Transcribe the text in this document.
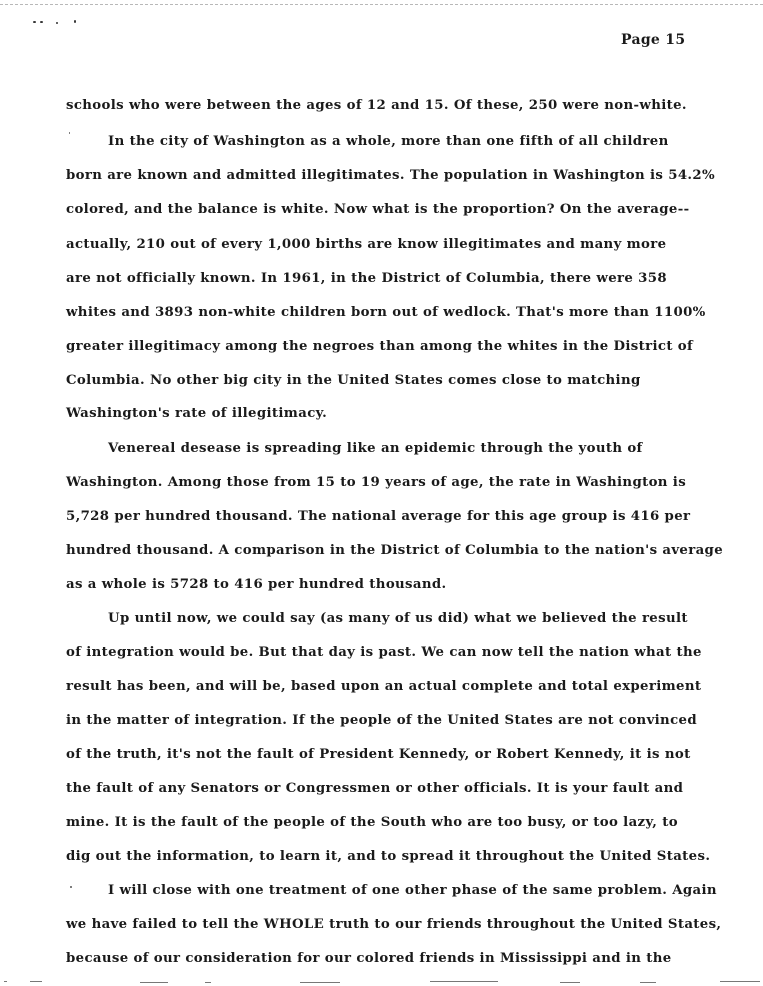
Page 15
schools who were between the ages of 12 and 15. Of these, 250 were non-white.
In the city of Washington as a whole, more than one fifth of all children
born are known and admitted illegitimates. The population in Washington is 54.2%
colored, and the balance is white. Now what is the proportion? On the average--
actually, 210 out of every 1,000 births are know illegitimates and many more
are not officially known. In 1961, in the District of Columbia, there were 358
whites and 3893 non-white children born out of wedlock. That's more than 1100%
greater illegitimacy among the negroes than among the whites in the District of
Columbia. No other big city in the United States comes close to matching
Washington's rate of illegitimacy.
Venereal desease is spreading like an epidemic through the youth of
Washington. Among those from 15 to 19 years of age, the rate in Washington is
5,728 per hundred thousand. The national average for this age group is 416 per
hundred thousand. A comparison in the District of Columbia to the nation's average
as a whole is 5728 to 416 per hundred thousand.
Up until now, we could say (as many of us did) what we believed the result
of integration would be. But that day is past. We can now tell the nation what the
result has been, and will be, based upon an actual complete and total experiment
in the matter of integration. If the people of the United States are not convinced
of the truth, it's not the fault of President Kennedy, or Robert Kennedy, it is not
the fault of any Senators or Congressmen or other officials. It is your fault and
mine. It is the fault of the people of the South who are too busy, or too lazy, to
dig out the information, to learn it, and to spread it throughout the United States.
I will close with one treatment of one other phase of the same problem. Again
we have failed to tell the WHOLE truth to our friends throughout the United States,
because of our consideration for our colored friends in Mississippi and in the
